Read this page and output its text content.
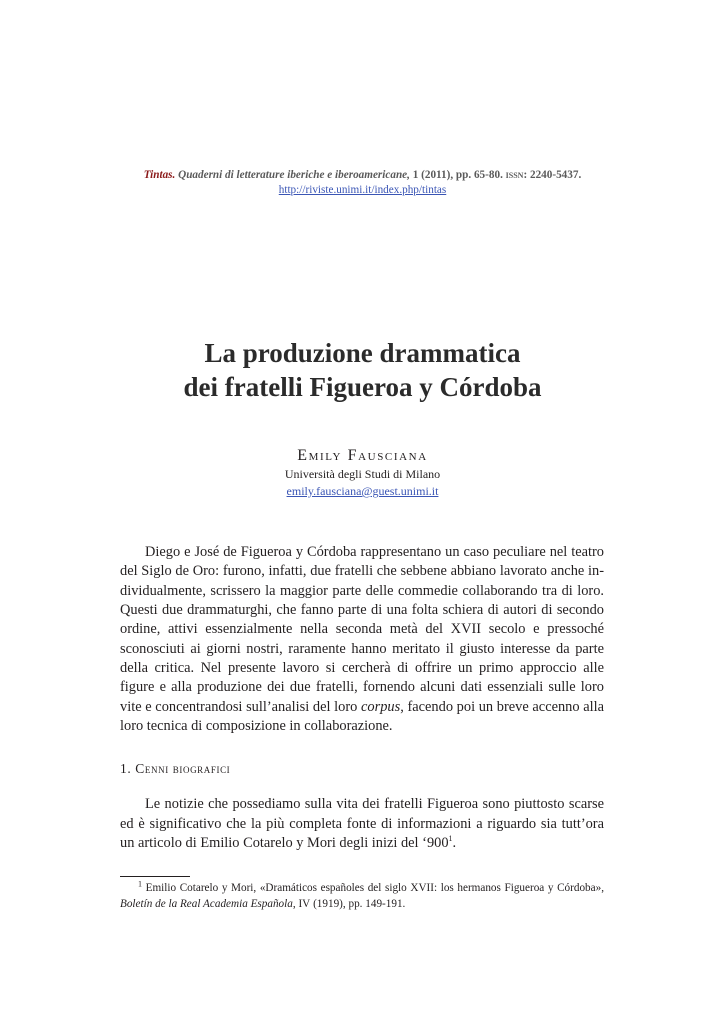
Tintas. Quaderni di letterature iberiche e iberoamericane, 1 (2011), pp. 65-80. issn: 2240-5437.
http://riviste.unimi.it/index.php/tintas
La produzione drammatica
dei fratelli Figueroa y Córdoba
Emily Fausciana
Università degli Studi di Milano
emily.fausciana@guest.unimi.it

Diego e José de Figueroa y Córdoba rappresentano un caso peculiare nel teatro del Siglo de Oro: furono, infatti, due fratelli che sebbene abbiano lavorato anche individualmente, scrissero la maggior parte delle commedie collaborando tra di loro. Questi due drammaturghi, che fanno parte di una folta schiera di autori di secondo ordine, attivi essenzialmente nella seconda metà del XVII secolo e pressoché sconosciuti ai giorni nostri, raramente hanno meritato il giusto interesse da parte della critica. Nel presente lavoro si cercherà di offrire un primo approccio alle figure e alla produzione dei due fratelli, fornendo alcuni dati essenziali sulle loro vite e concentrandosi sull’analisi del loro corpus, facendo poi un breve accenno alla loro tecnica di composizione in collaborazione.

1. Cenni biografici

Le notizie che possediamo sulla vita dei fratelli Figueroa sono piuttosto scarse ed è significativo che la più completa fonte di informazioni a riguardo sia tutt’ora un articolo di Emilio Cotarelo y Mori degli inizi del ‘$900^1$.

$^1$ Emilio Cotarelo y Mori, «Dramáticos españoles del siglo XVII: los hermanos Figueroa y Córdoba», Boletín de la Real Academia Española, IV (1919), pp. 149-191.
